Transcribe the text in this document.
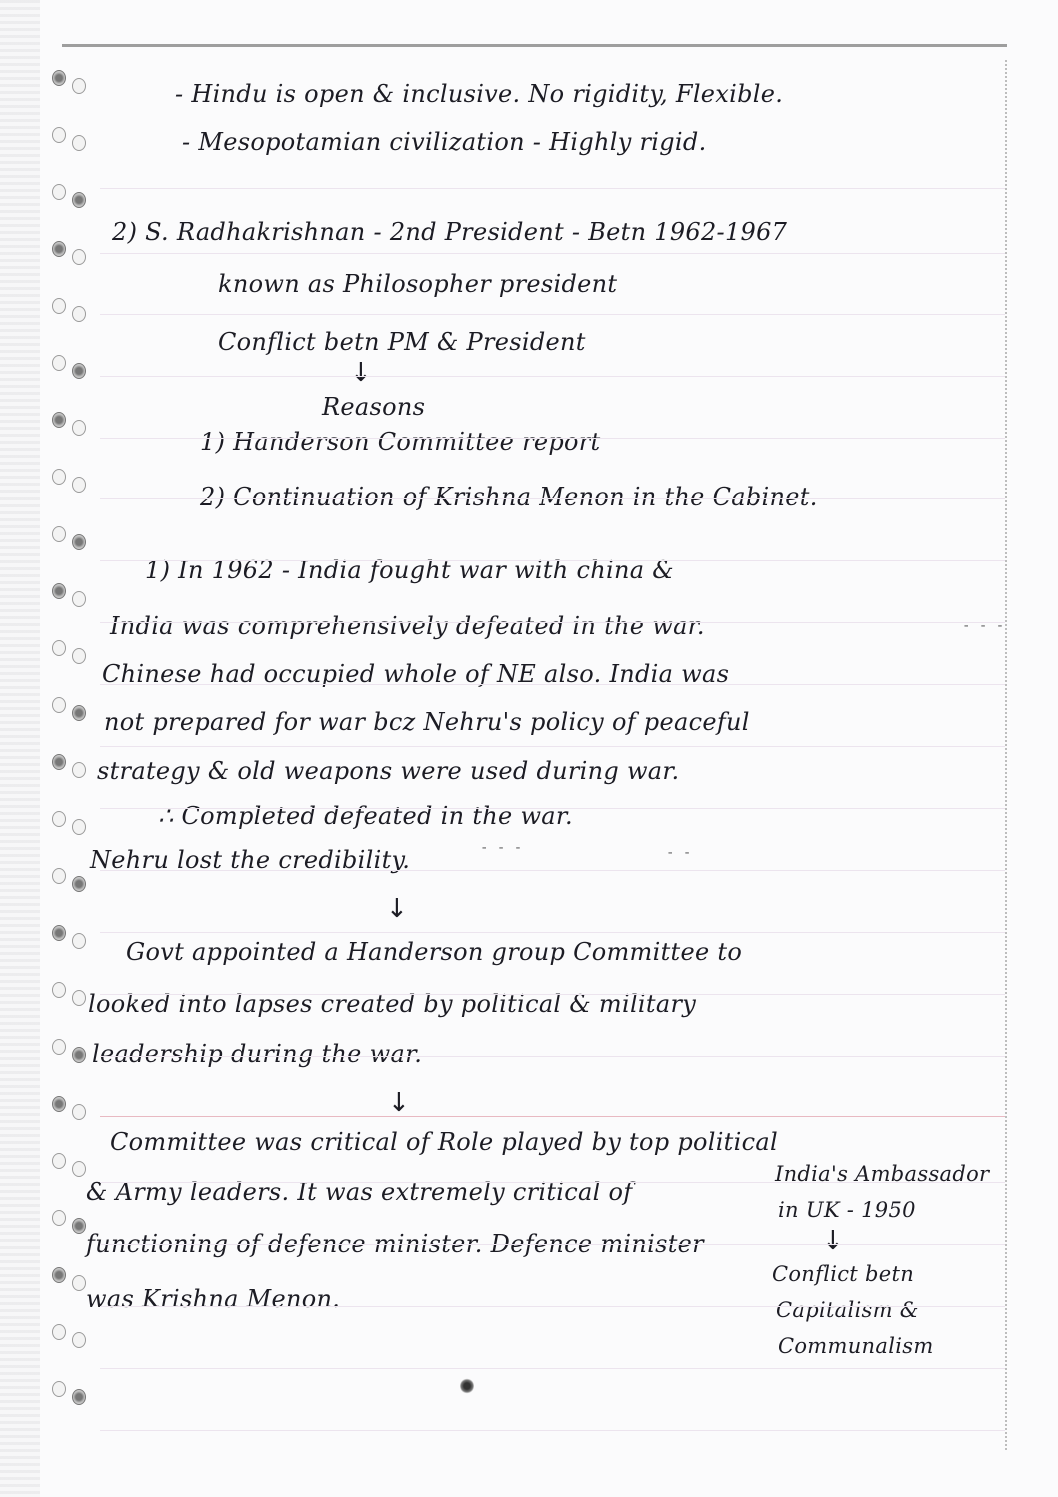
- Hindu is open & inclusive. No rigidity, Flexible.
- Mesopotamian civilization - Highly rigid.
2) S. Radhakrishnan - 2nd President - Betn 1962-1967
known as Philosopher president
Conflict betn PM & President
↓
Reasons
1) Handerson Committee report
2) Continuation of Krishna Menon in the Cabinet.
1) In 1962 - India fought war with china &
India was comprehensively defeated in the war.
Chinese had occupied whole of NE also. India was
not prepared for war bcz Nehru's policy of peaceful
strategy & old weapons were used during war.
∴ Completed defeated in the war.
Nehru lost the credibility.
↓
Govt appointed a Handerson group Committee to
looked into lapses created by political & military
leadership during the war.
↓
Committee was critical of Role played by top political
& Army leaders. It was extremely critical of
functioning of defence minister. Defence minister
was Krishna Menon.
India's Ambassador
in UK - 1950
↓
Conflict betn
Capitalism &
Communalism
- - -
- - -	- -
